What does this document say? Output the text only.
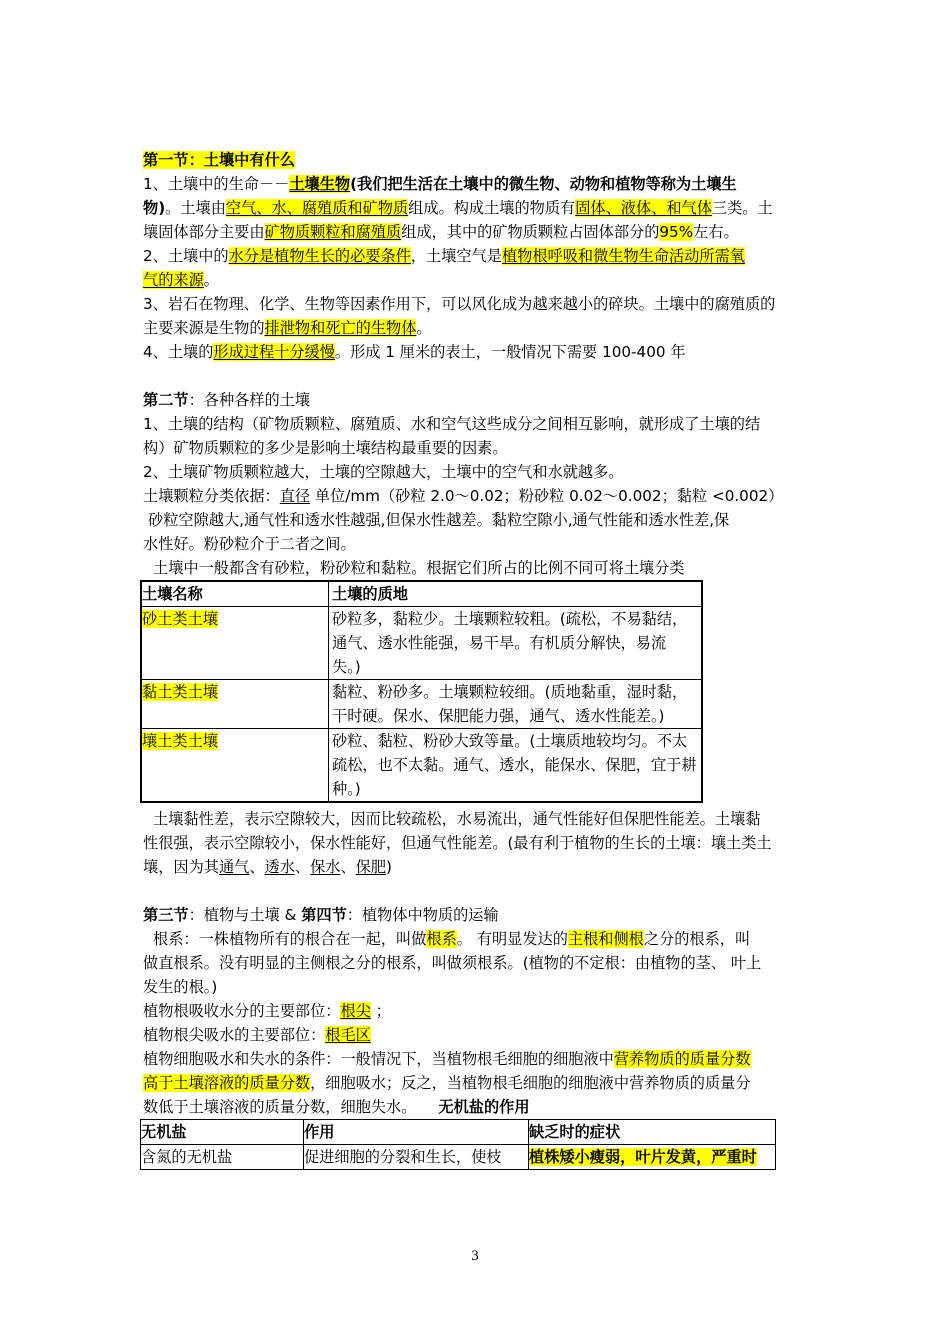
第一节：土壤中有什么
1、土壤中的生命－－土壤生物(我们把生活在土壤中的微生物、动物和植物等称为土壤生
物)。土壤由空气、水、腐殖质和矿物质组成。构成土壤的物质有固体、液体、和气体三类。土
壤固体部分主要由矿物质颗粒和腐殖质组成，其中的矿物质颗粒占固体部分的95%左右。
2、土壤中的水分是植物生长的必要条件，土壤空气是植物根呼吸和微生物生命活动所需氧
气的来源。
3、岩石在物理、化学、生物等因素作用下，可以风化成为越来越小的碎块。土壤中的腐殖质的
主要来源是生物的排泄物和死亡的生物体。
4、土壤的形成过程十分缓慢。形成 1 厘米的表土，一般情况下需要 100-400 年
第二节：各种各样的土壤
1、土壤的结构（矿物质颗粒、腐殖质、水和空气这些成分之间相互影响，就形成了土壤的结
构）矿物质颗粒的多少是影响土壤结构最重要的因素。
2、土壤矿物质颗粒越大，土壤的空隙越大，土壤中的空气和水就越多。
土壤颗粒分类依据：直径 单位/mm（砂粒 2.0～0.02；粉砂粒 0.02～0.002；黏粒 <0.002）
砂粒空隙越大,通气性和透水性越强,但保水性越差。黏粒空隙小,通气性能和透水性差,保
水性好。粉砂粒介于二者之间。
土壤中一般都含有砂粒，粉砂粒和黏粒。根据它们所占的比例不同可将土壤分类
土壤名称	土壤的质地
砂土类土壤	砂粒多，黏粒少。土壤颗粒较粗。(疏松，不易黏结，
通气、透水性能强，易干旱。有机质分解快，易流
失。)

黏土类土壤	黏粒、粉砂多。土壤颗粒较细。(质地黏重，湿时黏，
干时硬。保水、保肥能力强，通气、透水性能差。)

壤土类土壤	砂粒、黏粒、粉砂大致等量。(土壤质地较均匀。不太
疏松，也不太黏。通气、透水，能保水、保肥，宜于耕
种。)
土壤黏性差，表示空隙较大，因而比较疏松，水易流出，通气性能好但保肥性能差。土壤黏
性很强，表示空隙较小，保水性能好，但通气性能差。(最有利于植物的生长的土壤：壤土类土
壤，因为其通气、透水、保水、保肥)
第三节：植物与土壤 & 第四节：植物体中物质的运输
根系：一株植物所有的根合在一起，叫做根系。 有明显发达的主根和侧根之分的根系，叫
做直根系。没有明显的主侧根之分的根系，叫做须根系。(植物的不定根：由植物的茎、 叶上
发生的根。)
植物根吸收水分的主要部位：根尖 ；
植物根尖吸水的主要部位：根毛区
植物细胞吸水和失水的条件：一般情况下，当植物根毛细胞的细胞液中营养物质的质量分数
高于土壤溶液的质量分数，细胞吸水；反之，当植物根毛细胞的细胞液中营养物质的质量分
数低于土壤溶液的质量分数，细胞失水。 无机盐的作用
无机盐	作用	缺乏时的症状
含氮的无机盐	促进细胞的分裂和生长，使枝	植株矮小瘦弱，叶片发黄，严重时
3
